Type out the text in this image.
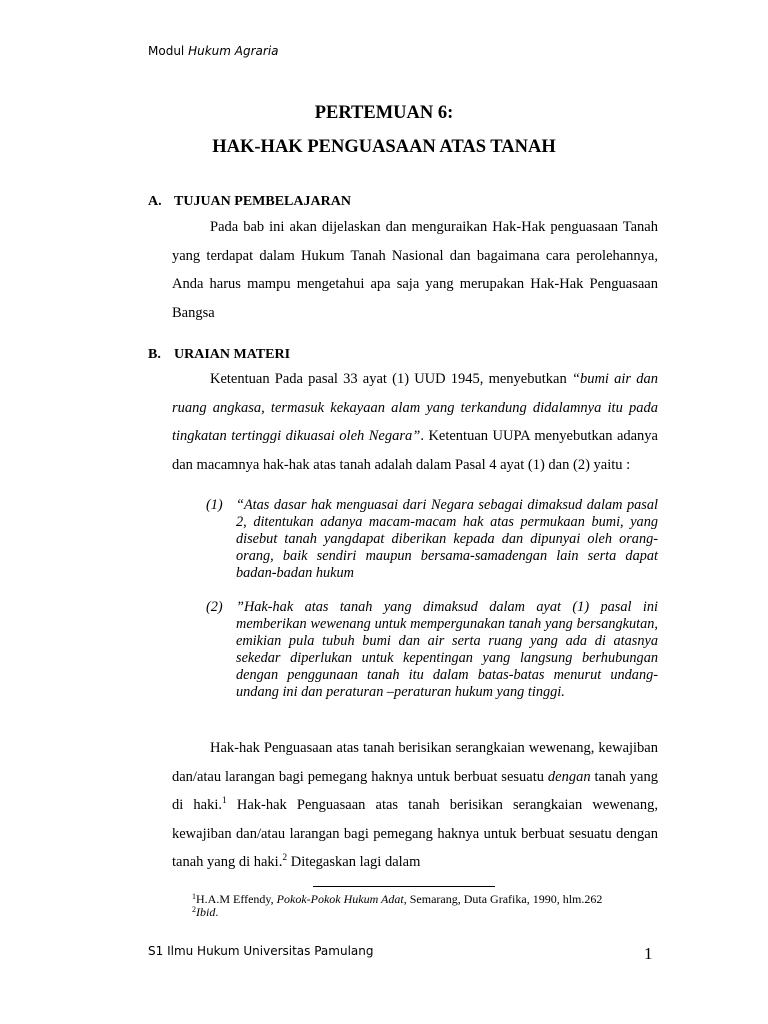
Modul Hukum Agraria
PERTEMUAN 6:
HAK-HAK PENGUASAAN ATAS TANAH
A. TUJUAN PEMBELAJARAN

Pada bab ini akan dijelaskan dan menguraikan Hak-Hak penguasaan Tanah yang terdapat dalam Hukum Tanah Nasional dan bagaimana cara perolehannya, Anda harus mampu mengetahui apa saja yang merupakan Hak-Hak Penguasaan Bangsa

B. URAIAN MATERI

Ketentuan Pada pasal 33 ayat (1) UUD 1945, menyebutkan “bumi air dan ruang angkasa, termasuk kekayaan alam yang terkandung didalamnya itu pada tingkatan tertinggi dikuasai oleh Negara”. Ketentuan UUPA menyebutkan adanya dan macamnya hak-hak atas tanah adalah dalam Pasal 4 ayat (1) dan (2) yaitu :

(1) “Atas dasar hak menguasai dari Negara sebagai dimaksud dalam pasal 2, ditentukan adanya macam-macam hak atas permukaan bumi, yang disebut tanah yangdapat diberikan kepada dan dipunyai oleh orang-orang, baik sendiri maupun bersama-samadengan lain serta dapat badan-badan hukum
(2) ”Hak-hak atas tanah yang dimaksud dalam ayat (1) pasal ini memberikan wewenang untuk mempergunakan tanah yang bersangkutan, emikian pula tubuh bumi dan air serta ruang yang ada di atasnya sekedar diperlukan untuk kepentingan yang langsung berhubungan dengan penggunaan tanah itu dalam batas-batas menurut undang-undang ini dan peraturan –peraturan hukum yang tinggi.

Hak-hak Penguasaan atas tanah berisikan serangkaian wewenang, kewajiban dan/atau larangan bagi pemegang haknya untuk berbuat sesuatu dengan tanah yang di haki.$^1$ Hak-hak Penguasaan atas tanah berisikan serangkaian wewenang, kewajiban dan/atau larangan bagi pemegang haknya untuk berbuat sesuatu dengan tanah yang di haki.$^2$ Ditegaskan lagi dalam

$^1$H.A.M Effendy, Pokok-Pokok Hukum Adat, Semarang, Duta Grafika, 1990, hlm.262
$^2$Ibid.
S1 Ilmu Hukum Universitas Pamulang	1
